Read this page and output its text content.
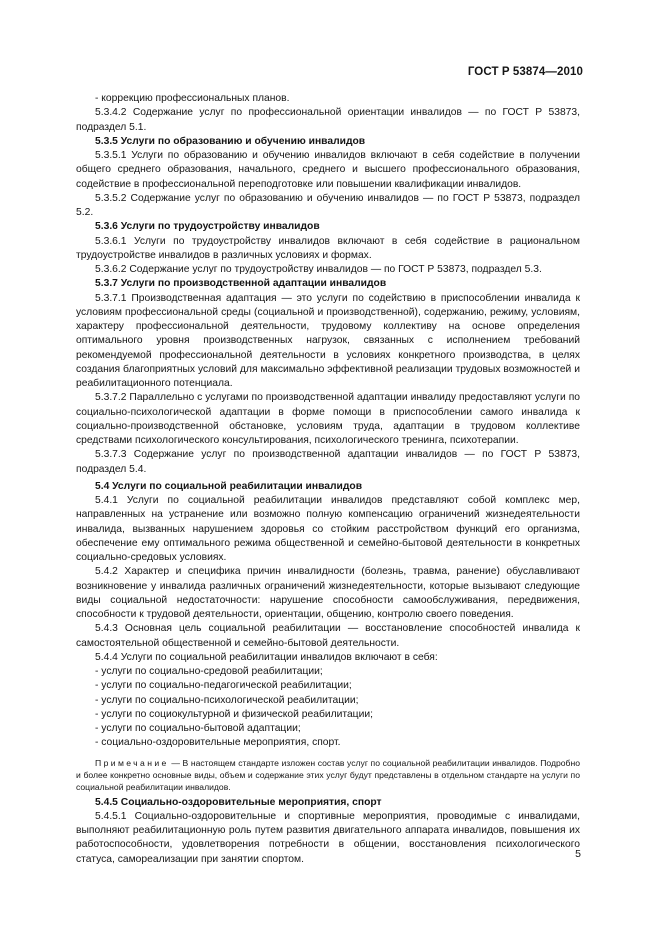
ГОСТ Р 53874—2010
- коррекцию профессиональных планов.
5.3.4.2 Содержание услуг по профессиональной ориентации инвалидов — по ГОСТ Р 53873, подраздел 5.1.
5.3.5 Услуги по образованию и обучению инвалидов
5.3.5.1 Услуги по образованию и обучению инвалидов включают в себя содействие в получении общего среднего образования, начального, среднего и высшего профессионального образования, содействие в профессиональной переподготовке или повышении квалификации инвалидов.
5.3.5.2 Содержание услуг по образованию и обучению инвалидов — по ГОСТ Р 53873, подраздел 5.2.
5.3.6 Услуги по трудоустройству инвалидов
5.3.6.1 Услуги по трудоустройству инвалидов включают в себя содействие в рациональном трудоустройстве инвалидов в различных условиях и формах.
5.3.6.2 Содержание услуг по трудоустройству инвалидов — по ГОСТ Р 53873, подраздел 5.3.
5.3.7 Услуги по производственной адаптации инвалидов
5.3.7.1 Производственная адаптация — это услуги по содействию в приспособлении инвалида к условиям профессиональной среды (социальной и производственной), содержанию, режиму, условиям, характеру профессиональной деятельности, трудовому коллективу на основе определения оптимального уровня производственных нагрузок, связанных с исполнением требований рекомендуемой профессиональной деятельности в условиях конкретного производства, в целях создания благоприятных условий для максимально эффективной реализации трудовых возможностей и реабилитационного потенциала.
5.3.7.2 Параллельно с услугами по производственной адаптации инвалиду предоставляют услуги по социально-психологической адаптации в форме помощи в приспособлении самого инвалида к социально-производственной обстановке, условиям труда, адаптации в трудовом коллективе средствами психологического консультирования, психологического тренинга, психотерапии.
5.3.7.3 Содержание услуг по производственной адаптации инвалидов — по ГОСТ Р 53873, подраздел 5.4.
5.4 Услуги по социальной реабилитации инвалидов
5.4.1 Услуги по социальной реабилитации инвалидов представляют собой комплекс мер, направленных на устранение или возможно полную компенсацию ограничений жизнедеятельности инвалида, вызванных нарушением здоровья со стойким расстройством функций его организма, обеспечение ему оптимального режима общественной и семейно-бытовой деятельности в конкретных социально-средовых условиях.
5.4.2 Характер и специфика причин инвалидности (болезнь, травма, ранение) обуславливают возникновение у инвалида различных ограничений жизнедеятельности, которые вызывают следующие виды социальной недостаточности: нарушение способности самообслуживания, передвижения, способности к трудовой деятельности, ориентации, общению, контролю своего поведения.
5.4.3 Основная цель социальной реабилитации — восстановление способностей инвалида к самостоятельной общественной и семейно-бытовой деятельности.
5.4.4 Услуги по социальной реабилитации инвалидов включают в себя:
- услуги по социально-средовой реабилитации;
- услуги по социально-педагогической реабилитации;
- услуги по социально-психологической реабилитации;
- услуги по социокультурной и физической реабилитации;
- услуги по социально-бытовой адаптации;
- социально-оздоровительные мероприятия, спорт.
Примечание — В настоящем стандарте изложен состав услуг по социальной реабилитации инвалидов. Подробно и более конкретно основные виды, объем и содержание этих услуг будут представлены в отдельном стандарте на услуги по социальной реабилитации инвалидов.
5.4.5 Социально-оздоровительные мероприятия, спорт
5.4.5.1 Социально-оздоровительные и спортивные мероприятия, проводимые с инвалидами, выполняют реабилитационную роль путем развития двигательного аппарата инвалидов, повышения их работоспособности, удовлетворения потребности в общении, восстановления психологического статуса, самореализации при занятии спортом.	5
